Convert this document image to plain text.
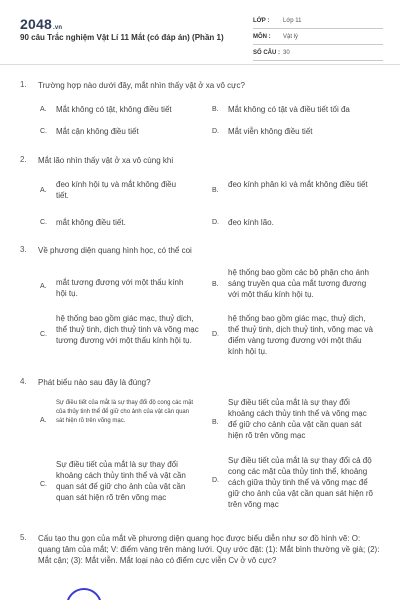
2048.vn
90 câu Trắc nghiệm Vật Lí 11 Mắt (có đáp án) (Phần 1)
LỚP : Lớp 11
MÔN : Vật lý
SỐ CÂU : 30
1. Trường hợp nào dưới đây, mắt nhìn thấy vật ở xa vô cực?
A. Mắt không có tật, không điều tiết	B. Mắt không có tật và điều tiết tối đa
C. Mắt cận không điều tiết	D. Mắt viễn không điều tiết
2. Mắt lão nhìn thấy vật ở xa vô cùng khi
A.
đeo kính hội tụ và mắt không điều tiết.
B.
đeo kính phân kì và mắt không điều tiết
C. mắt không điều tiết.	D. đeo kính lão.
3. Về phương diện quang hình học, có thể coi
A. mắt tương đương với một thấu kính hội tụ.
B.
hệ thống bao gồm các bộ phận cho ánh sáng truyền qua của mắt tương đương với một thấu kính hội tụ.
C.
hệ thống bao gồm giác mạc, thuỷ dịch, thể thuỷ tinh, dịch thuỷ tinh và võng mạc tương đương với một thấu kính hội tụ.
D.
hệ thống bao gồm giác mạc, thuỷ dịch, thể thuỷ tinh, dịch thuỷ tinh, võng mạc và điểm vàng tương đương với một thấu kính hội tụ.
4. Phát biểu nào sau đây là đúng?
A.
Sự điều tiết của mắt là sự thay đổi độ cong các mặt của thủy tinh thể để giữ cho ảnh của vật cần quan sát hiện rõ trên võng mạc.	B.
Sự điều tiết của mắt là sự thay đổi khoảng cách thủy tinh thể và võng mạc để giữ cho cảnh của vật cần quan sát hiện rõ trên võng mạc
C.
Sự điều tiết của mắt là sự thay đổi khoảng cách thủy tinh thể và vật cần quan sát để giữ cho ảnh của vật cần quan sát hiện rõ trên võng mạc
D.
Sự điều tiết của mắt là sự thay đổi cả độ cong các mặt của thủy tinh thể, khoảng cách giữa thủy tinh thể và võng mạc để giữ cho ảnh của vật cần quan sát hiện rõ trên võng mạc
5. Cấu tạo thu gọn của mắt về phương diện quang học được biểu diễn như sơ đồ hình vẽ: O: quang tâm của mắt; V: điểm vàng trên màng lưới. Quy ước đặt: (1): Mắt bình thường về già; (2): Mắt cận; (3): Mắt viễn. Mắt loại nào có điểm cực viễn Cv ở vô cực?
